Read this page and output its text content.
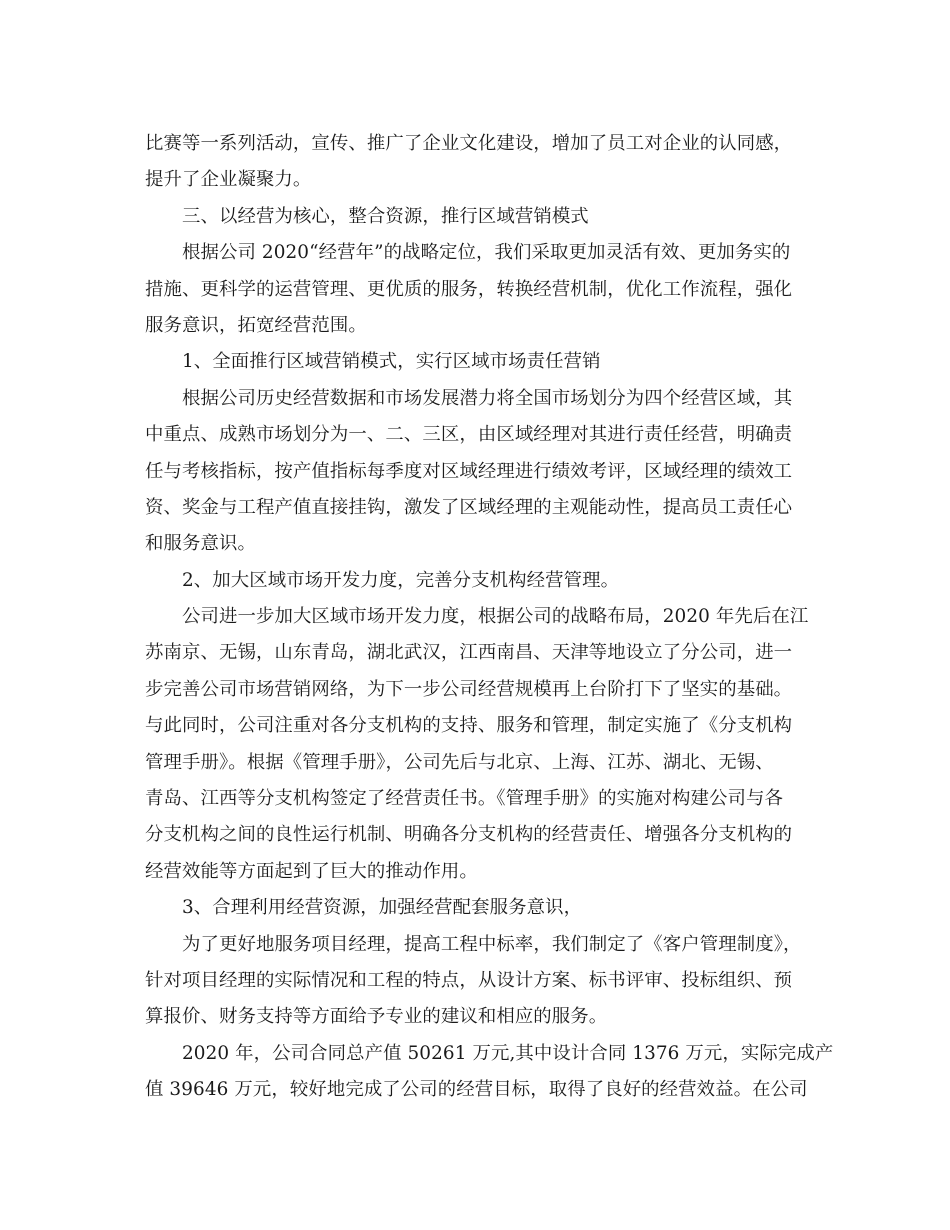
比赛等一系列活动，宣传、推广了企业文化建设，增加了员工对企业的认同感，
提升了企业凝聚力。
三、以经营为核心，整合资源，推行区域营销模式
根据公司 2020“经营年”的战略定位，我们采取更加灵活有效、更加务实的
措施、更科学的运营管理、更优质的服务，转换经营机制，优化工作流程，强化
服务意识，拓宽经营范围。
1、全面推行区域营销模式，实行区域市场责任营销
根据公司历史经营数据和市场发展潜力将全国市场划分为四个经营区域，其
中重点、成熟市场划分为一、二、三区，由区域经理对其进行责任经营，明确责
任与考核指标，按产值指标每季度对区域经理进行绩效考评，区域经理的绩效工
资、奖金与工程产值直接挂钩，激发了区域经理的主观能动性，提高员工责任心
和服务意识。
2、加大区域市场开发力度，完善分支机构经营管理。
公司进一步加大区域市场开发力度，根据公司的战略布局，2020 年先后在江
苏南京、无锡，山东青岛，湖北武汉，江西南昌、天津等地设立了分公司，进一
步完善公司市场营销网络，为下一步公司经营规模再上台阶打下了坚实的基础。
与此同时，公司注重对各分支机构的支持、服务和管理，制定实施了《分支机构
管理手册》。根据《管理手册》，公司先后与北京、上海、江苏、湖北、无锡、
青岛、江西等分支机构签定了经营责任书。《管理手册》的实施对构建公司与各
分支机构之间的良性运行机制、明确各分支机构的经营责任、增强各分支机构的
经营效能等方面起到了巨大的推动作用。
3、合理利用经营资源，加强经营配套服务意识，
为了更好地服务项目经理，提高工程中标率，我们制定了《客户管理制度》，
针对项目经理的实际情况和工程的特点，从设计方案、标书评审、投标组织、预
算报价、财务支持等方面给予专业的建议和相应的服务。
2020 年，公司合同总产值 50261 万元,其中设计合同 1376 万元，实际完成产
值 39646 万元，较好地完成了公司的经营目标，取得了良好的经营效益。在公司
